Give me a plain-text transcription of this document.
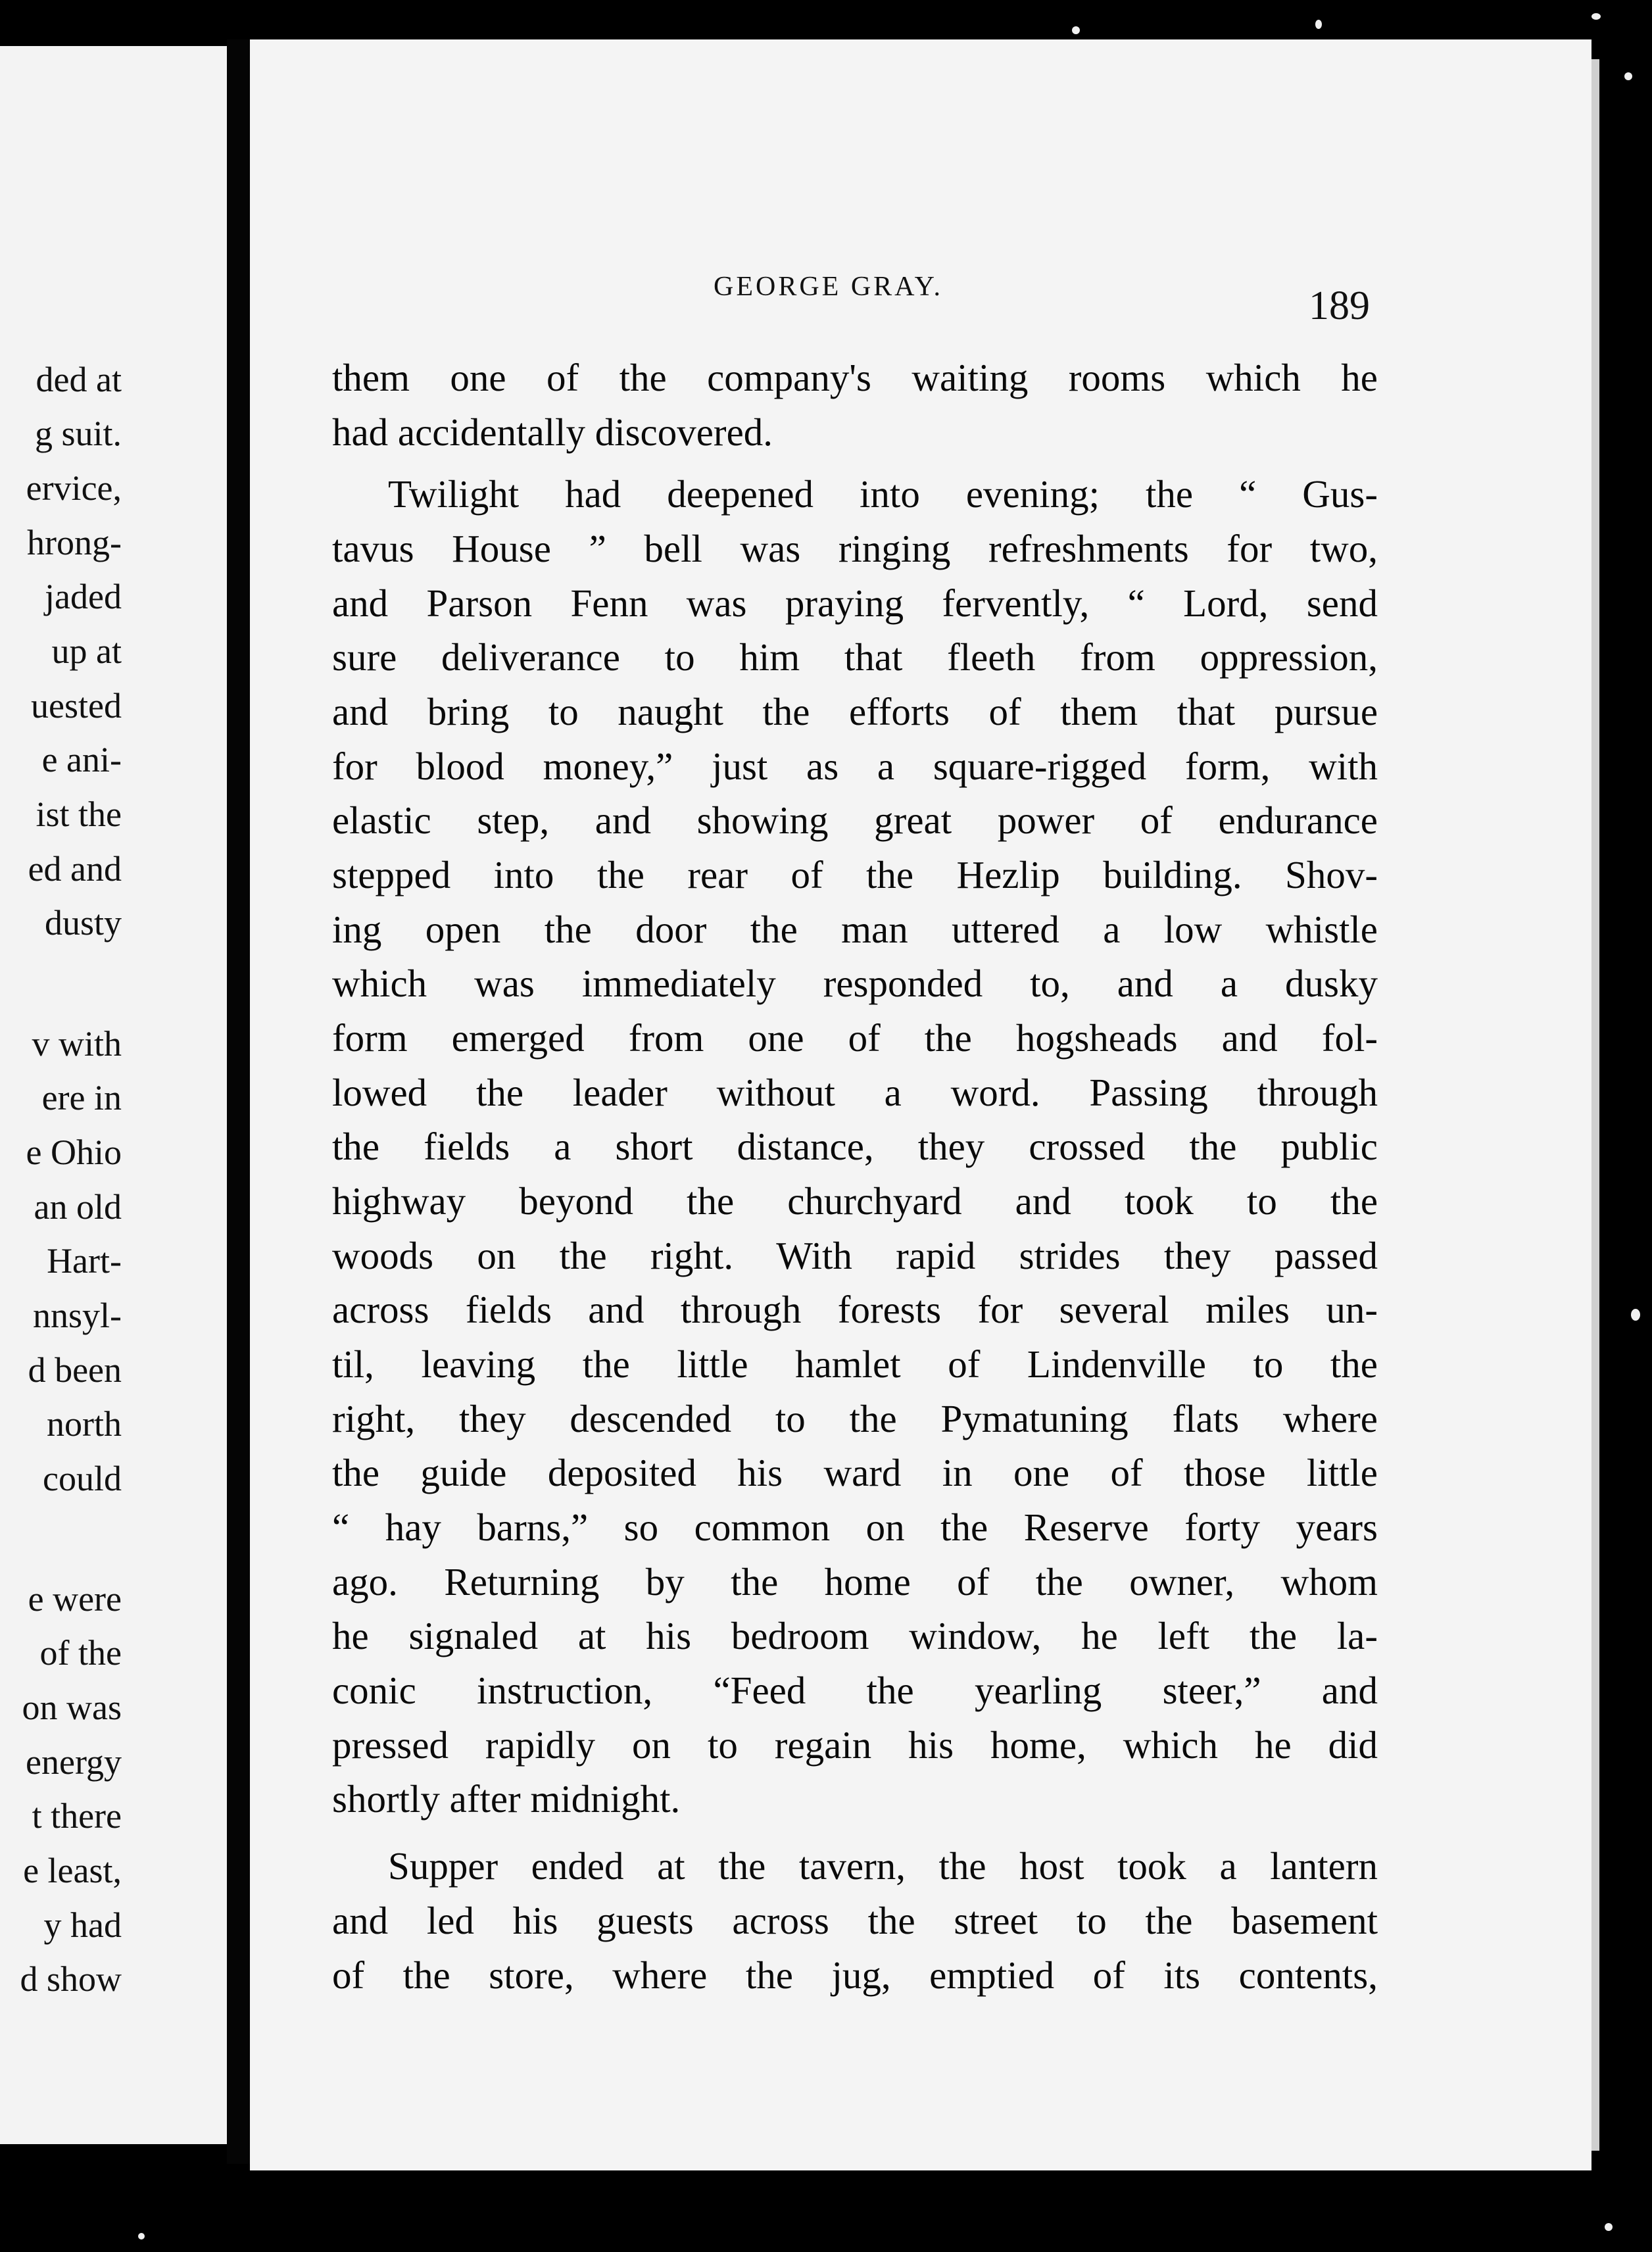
ded at
g suit.
ervice,
hrong-
jaded
up at
uested
e ani-
ist the
ed and
dusty
v with
ere in
e Ohio
an old
Hart-
nnsyl-
d been
north
could
e were
of the
on was
energy
t there
e least,
y had
d show
GEORGE GRAY.	189
them one of the company's waiting rooms which he
had accidentally discovered.
Twilight had deepened into evening; the “ Gus-
tavus House ” bell was ringing refreshments for two,
and Parson Fenn was praying fervently, “ Lord, send
sure deliverance to him that fleeth from oppression,
and bring to naught the efforts of them that pursue
for blood money,” just as a square-rigged form, with
elastic step, and showing great power of endurance
stepped into the rear of the Hezlip building. Shov-
ing open the door the man uttered a low whistle
which was immediately responded to, and a dusky
form emerged from one of the hogsheads and fol-
lowed the leader without a word. Passing through
the fields a short distance, they crossed the public
highway beyond the churchyard and took to the
woods on the right. With rapid strides they passed
across fields and through forests for several miles un-
til, leaving the little hamlet of Lindenville to the
right, they descended to the Pymatuning flats where
the guide deposited his ward in one of those little
“ hay barns,” so common on the Reserve forty years
ago. Returning by the home of the owner, whom
he signaled at his bedroom window, he left the la-
conic instruction, “Feed the yearling steer,” and
pressed rapidly on to regain his home, which he did
shortly after midnight.
Supper ended at the tavern, the host took a lantern
and led his guests across the street to the basement
of the store, where the jug, emptied of its contents,
